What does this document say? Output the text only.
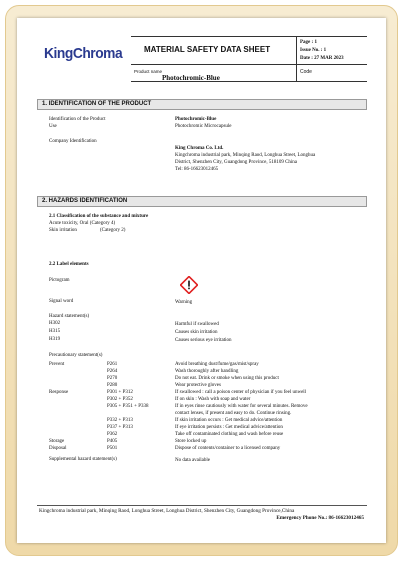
KingChroma	MATERIAL SAFETY DATA SHEET
Page : 1
Issue No. : 1
Date : 27 MAR 2023
Product name
Photochromic-Blue
Code
1. IDENTIFICATION OF THE PRODUCT
Identification of the Product	Photochromic-Blue
Use	Photochromic Microcapsule
Company Identification
King Chroma Co. Ltd.
Kingchroma industrial park, Minqing Raod, Longhua Street, Longhua
District, Shenzhen City, Guangdong Province, 518109 China
Tel: 86-16623012465
2. HAZARDS IDENTIFICATION
2.1 Classification of the substance and mixture
Acute toxicity, Oral (Category 4)
Skin irritation	(Category 2)
2.2 Label elements
Pictogram
Signal word	Warning
Hazard statement(s)
H302	Harmful if swallowed
H315	Causes skin irritation
H319	Causes serious eye irritation
Precautionary statement(s)
Prevent	P261	Avoid breathing dust/fume/gas/mist/spray
P264	Wash thoroughly after handling
P270	Do not eat. Drink or smoke when using this product
P280	Wear protective gloves
Response	P301 + P312	If swallowed : call a poison center of physician if you feel unwell
P302 + P352	If on skin : Wash with soap and water
P305 + P351 + P338	If in eyes rinse cautiously with water for several minutes. Remove
contact lenses, if present and easy to do. Continue rinsing.
P332 + P313	If skin irritation occurs : Get medical advice/attention
P337 + P313	If eye irritation persists : Get medical advice/attention
P362	Take off contaminated clothing and wash before reuse
Storage	P405	Store locked up
Disposal	P501	Dispose of contents/container to a licensed company
Supplemental hazard statement(s)	No data available
Kingchroma industrial park, Minqing Raod, Longhua Street, Longhua District, Shenzhen City, Guangdong Province,China
Emergency Phone No.: 86-16623012465
